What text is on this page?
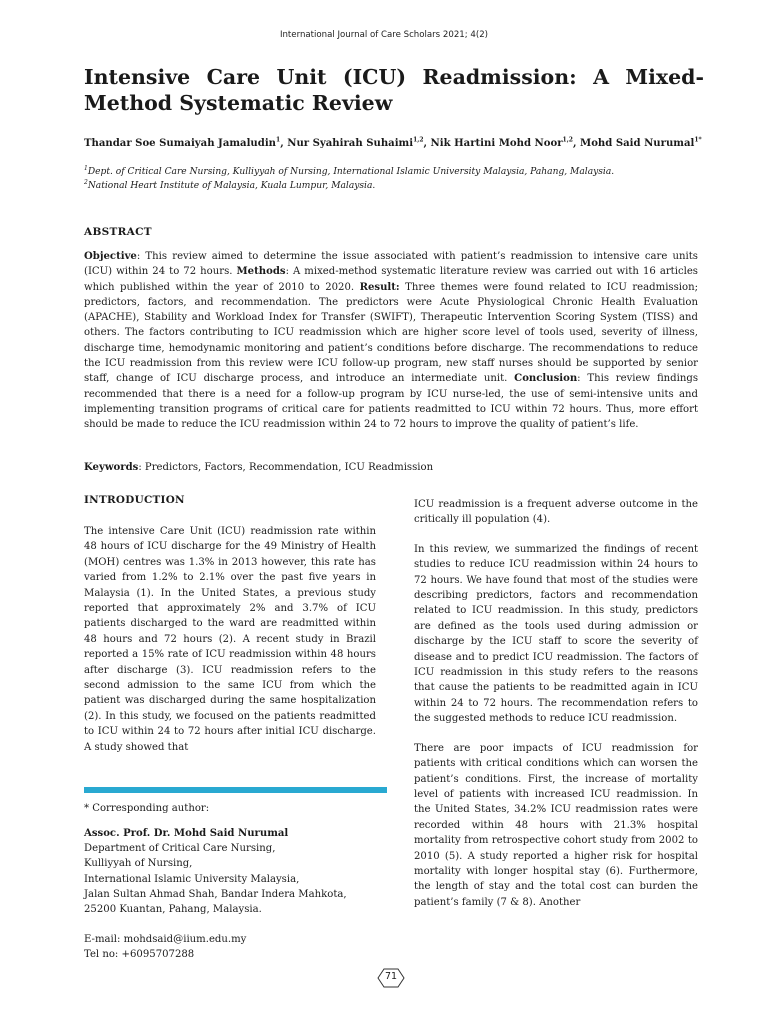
International Journal of Care Scholars 2021; 4(2)
Intensive Care Unit (ICU) Readmission: A Mixed-Method Systematic Review
Thandar Soe Sumaiyah Jamaludin$^1$, Nur Syahirah Suhaimi$^{1,2}$, Nik Hartini Mohd Noor$^{1,2}$, Mohd Said Nurumal$^{1*}$
$^1$Dept. of Critical Care Nursing, Kulliyyah of Nursing, International Islamic University Malaysia, Pahang, Malaysia.
$^2$National Heart Institute of Malaysia, Kuala Lumpur, Malaysia.
ABSTRACT
Objective: This review aimed to determine the issue associated with patient’s readmission to intensive care units (ICU) within 24 to 72 hours. Methods: A mixed-method systematic literature review was carried out with 16 articles which published within the year of 2010 to 2020. Result: Three themes were found related to ICU readmission; predictors, factors, and recommendation. The predictors were Acute Physiological Chronic Health Evaluation (APACHE), Stability and Workload Index for Transfer (SWIFT), Therapeutic Intervention Scoring System (TISS) and others. The factors contributing to ICU readmission which are higher score level of tools used, severity of illness, discharge time, hemodynamic monitoring and patient’s conditions before discharge. The recommendations to reduce the ICU readmission from this review were ICU follow-up program, new staff nurses should be supported by senior staff, change of ICU discharge process, and introduce an intermediate unit. Conclusion: This review findings recommended that there is a need for a follow-up program by ICU nurse-led, the use of semi-intensive units and implementing transition programs of critical care for patients readmitted to ICU within 72 hours. Thus, more effort should be made to reduce the ICU readmission within 24 to 72 hours to improve the quality of patient’s life.
Keywords: Predictors, Factors, Recommendation, ICU Readmission
INTRODUCTION
The intensive Care Unit (ICU) readmission rate within 48 hours of ICU discharge for the 49 Ministry of Health (MOH) centres was 1.3% in 2013 however, this rate has varied from 1.2% to 2.1% over the past five years in Malaysia (1). In the United States, a previous study reported that approximately 2% and 3.7% of ICU patients discharged to the ward are readmitted within 48 hours and 72 hours (2). A recent study in Brazil reported a 15% rate of ICU readmission within 48 hours after discharge (3). ICU readmission refers to the second admission to the same ICU from which the patient was discharged during the same hospitalization (2). In this study, we focused on the patients readmitted to ICU within 24 to 72 hours after initial ICU discharge. A study showed that

ICU readmission is a frequent adverse outcome in the critically ill population (4).

In this review, we summarized the findings of recent studies to reduce ICU readmission within 24 hours to 72 hours. We have found that most of the studies were describing predictors, factors and recommendation related to ICU readmission. In this study, predictors are defined as the tools used during admission or discharge by the ICU staff to score the severity of disease and to predict ICU readmission. The factors of ICU readmission in this study refers to the reasons that cause the patients to be readmitted again in ICU within 24 to 72 hours. The recommendation refers to the suggested methods to reduce ICU readmission.

There are poor impacts of ICU readmission for patients with critical conditions which can worsen the patient’s conditions. First, the increase of mortality level of patients with increased ICU readmission. In the United States, 34.2% ICU readmission rates were recorded within 48 hours with 21.3% hospital mortality from retrospective cohort study from 2002 to 2010 (5). A study reported a higher risk for hospital mortality with longer hospital stay (6). Furthermore, the length of stay and the total cost can burden the patient’s family (7 & 8). Another

* Corresponding author:
Assoc. Prof. Dr. Mohd Said Nurumal
Department of Critical Care Nursing,
Kulliyyah of Nursing,
International Islamic University Malaysia,
Jalan Sultan Ahmad Shah, Bandar Indera Mahkota,
25200 Kuantan, Pahang, Malaysia.
E-mail: mohdsaid@iium.edu.my
Tel no: +6095707288
71
